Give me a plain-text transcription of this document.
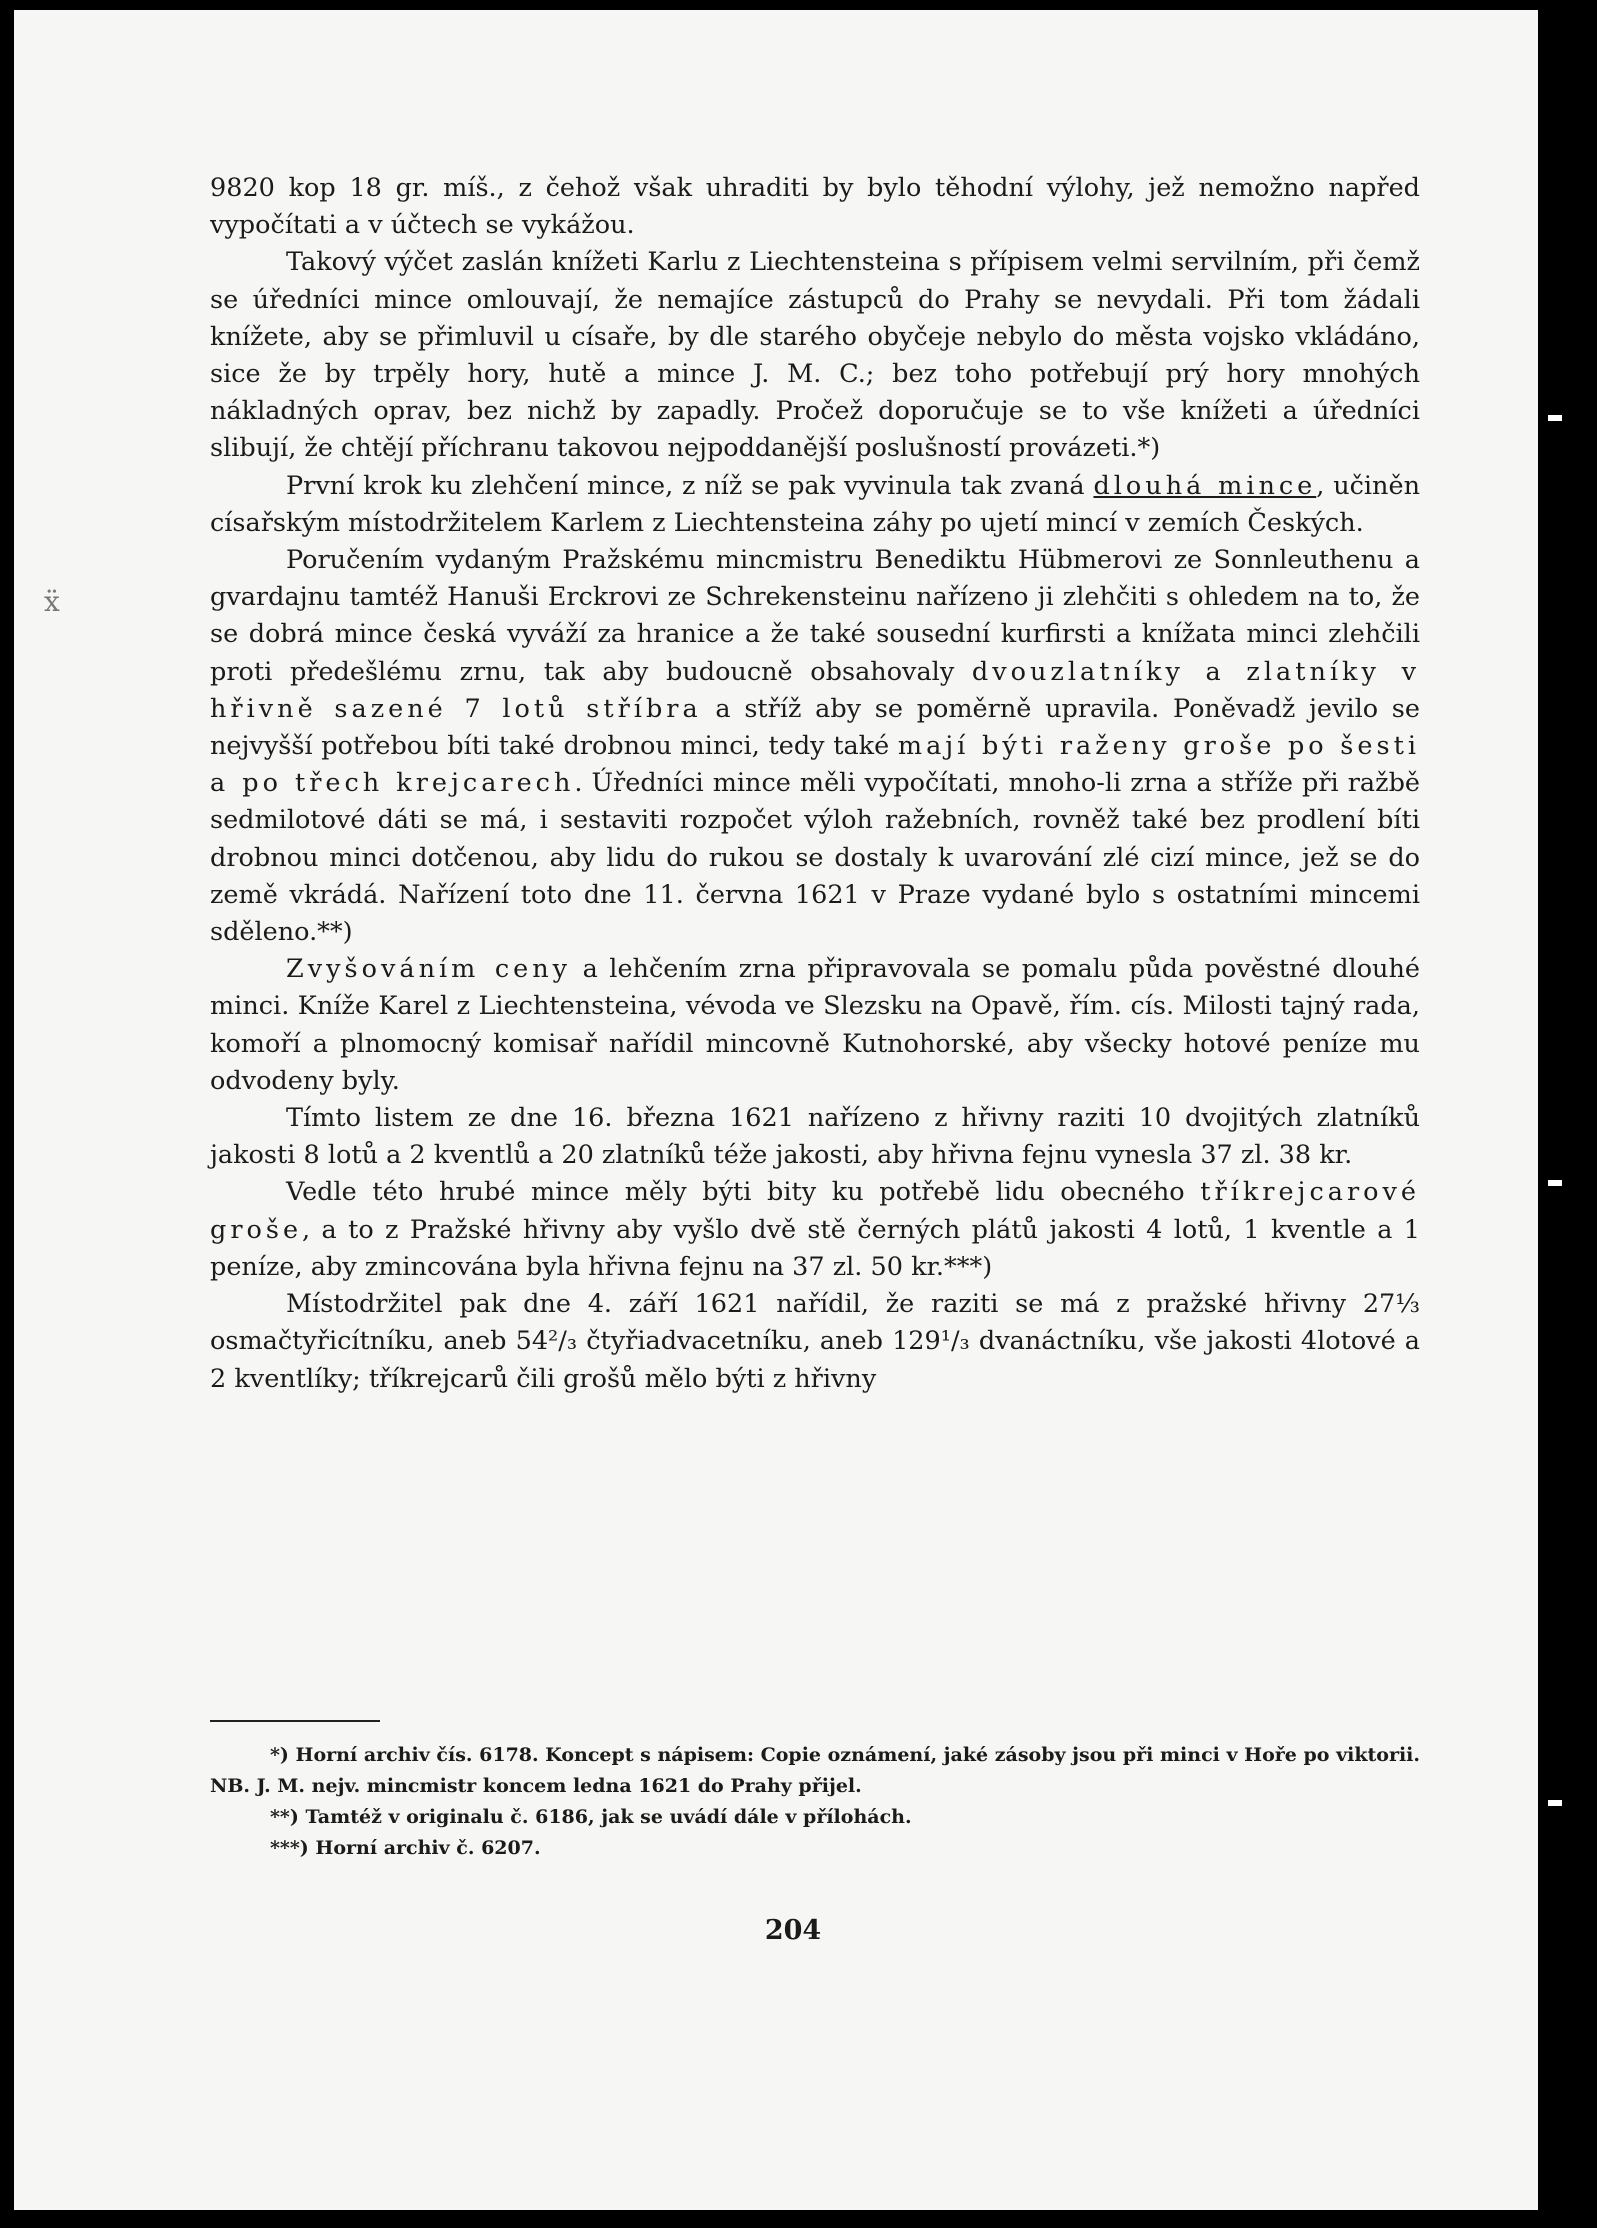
ẍ

9820 kop 18 gr. míš., z čehož však uhraditi by bylo těhodní výlohy, jež nemožno napřed vypočítati a v účtech se vykážou.

Takový výčet zaslán knížeti Karlu z Liechtensteina s přípisem velmi servilním, při čemž se úředníci mince omlouvají, že nemajíce zástupců do Prahy se nevydali. Při tom žádali knížete, aby se přimluvil u císaře, by dle starého obyčeje nebylo do města vojsko vkládáno, sice že by trpěly hory, hutě a mince J. M. C.; bez toho potřebují prý hory mnohých nákladných oprav, bez nichž by zapadly. Pročež doporučuje se to vše knížeti a úředníci slibují, že chtějí příchranu takovou nejpoddanější poslušností provázeti.*)

První krok ku zlehčení mince, z níž se pak vyvinula tak zvaná dlouhá mince, učiněn císařským místodržitelem Karlem z Liechtensteina záhy po ujetí mincí v zemích Českých.

Poručením vydaným Pražskému mincmistru Benediktu Hübmerovi ze Sonnleuthenu a gvardajnu tamtéž Hanuši Erckrovi ze Schrekensteinu nařízeno ji zlehčiti s ohledem na to, že se dobrá mince česká vyváží za hranice a že také sousední kurfirsti a knížata minci zlehčili proti předešlému zrnu, tak aby budoucně obsahovaly dvouzlatníky a zlatníky v hřivně sazené 7 lotů stříbra a stříž aby se poměrně upravila. Poněvadž jevilo se nejvyšší potřebou bíti také drobnou minci, tedy také mají býti raženy groše po šesti a po třech krejcarech. Úředníci mince měli vypočítati, mnoho-li zrna a stříže při ražbě sedmilotové dáti se má, i sestaviti rozpočet výloh ražebních, rovněž také bez prodlení bíti drobnou minci dotčenou, aby lidu do rukou se dostaly k uvarování zlé cizí mince, jež se do země vkrádá. Nařízení toto dne 11. června 1621 v Praze vydané bylo s ostatními mincemi sděleno.**)

Zvyšováním ceny a lehčením zrna připravovala se pomalu půda pověstné dlouhé minci. Kníže Karel z Liechtensteina, vévoda ve Slezsku na Opavě, řím. cís. Milosti tajný rada, komoří a plnomocný komisař nařídil mincovně Kutnohorské, aby všecky hotové peníze mu odvodeny byly.

Tímto listem ze dne 16. března 1621 nařízeno z hřivny raziti 10 dvojitých zlatníků jakosti 8 lotů a 2 kventlů a 20 zlatníků téže jakosti, aby hřivna fejnu vynesla 37 zl. 38 kr.

Vedle této hrubé mince měly býti bity ku potřebě lidu obecného tříkrejcarové groše, a to z Pražské hřivny aby vyšlo dvě stě černých plátů jakosti 4 lotů, 1 kventle a 1 peníze, aby zmincována byla hřivna fejnu na 37 zl. 50 kr.***)

Místodržitel pak dne 4. září 1621 nařídil, že raziti se má z pražské hřivny 27⅓ osmačtyřicítníku, aneb 54²/₃ čtyřiadvacetníku, aneb 129¹/₃ dvanáctníku, vše jakosti 4lotové a 2 kventlíky; tříkrejcarů čili grošů mělo býti z hřivny

*) Horní archiv čís. 6178. Koncept s nápisem: Copie oznámení, jaké zásoby jsou při minci v Hoře po viktorii. NB. J. M. nejv. mincmistr koncem ledna 1621 do Prahy přijel.

**) Tamtéž v originalu č. 6186, jak se uvádí dále v přílohách.

***) Horní archiv č. 6207.

204
